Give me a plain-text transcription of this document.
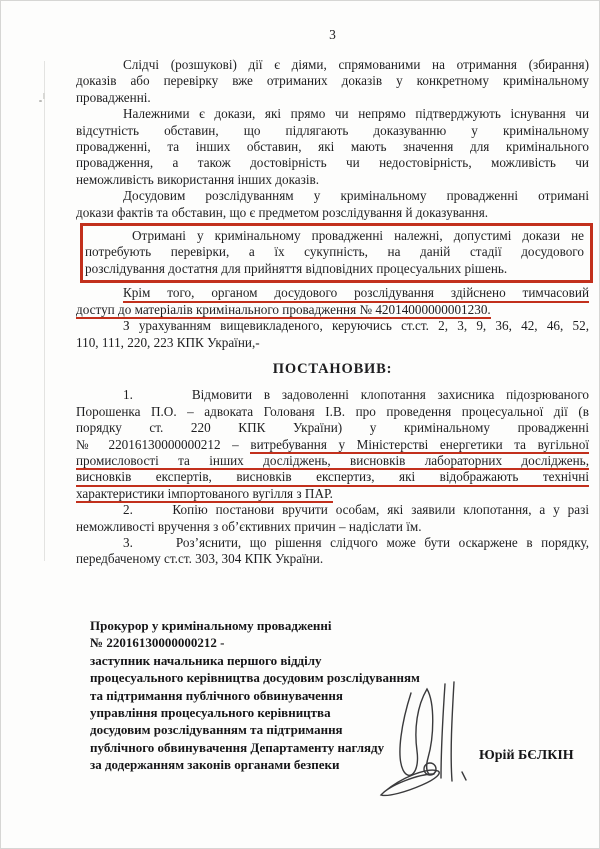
3
Слідчі (розшукові) дії є діями, спрямованими на отримання (збирання)
доказів або перевірку вже отриманих доказів у конкретному кримінальному
провадженні.
Належними є докази, які прямо чи непрямо підтверджують існування чи
відсутність обставин, що підлягають доказуванню у кримінальному
провадженні, та інших обставин, які мають значення для кримінального
провадження, а також достовірність чи недостовірність, можливість чи
неможливість використання інших доказів.
Досудовим розслідуванням у кримінальному провадженні отримані
докази фактів та обставин, що є предметом розслідування й доказування.
Отримані у кримінальному провадженні належні, допустимі докази не
потребують перевірки, а їх сукупність, на даній стадії досудового
розслідування достатня для прийняття відповідних процесуальних рішень.
Крім того, органом досудового розслідування здійснено тимчасовий
доступ до матеріалів кримінального провадження № 42014000000001230.
З урахуванням вищевикладеного, керуючись ст.ст. 2, 3, 9, 36, 42, 46, 52,
110, 111, 220, 223 КПК України,-
ПОСТАНОВИВ:
1.     Відмовити в задоволенні клопотання захисника підозрюваного
Порошенка П.О. – адвоката Голованя І.В. про проведення процесуальної дії (в
порядку ст. 220 КПК України) у кримінальному провадженні
№ 22016130000000212 – витребування у Міністерстві енергетики та вугільної
промисловості та інших досліджень, висновків лабораторних досліджень,
висновків експертів, висновків експертиз, які відображають технічні
характеристики імпортованого вугілля з ПАР.
2.     Копію постанови вручити особам, які заявили клопотання, а у разі
неможливості вручення з об’єктивних причин – надіслати їм.
3.     Роз’яснити, що рішення слідчого може бути оскаржене в порядку,
передбаченому ст.ст. 303, 304 КПК України.
Прокурор у кримінальному провадженні
№ 22016130000000212 -
заступник начальника першого відділу
процесуального керівництва досудовим розслідуванням
та підтримання публічного обвинувачення
управління процесуального керівництва
досудовим розслідуванням та підтримання
публічного обвинувачення Департаменту нагляду
за додержанням законів органами безпеки
Юрій БЄЛКІН
